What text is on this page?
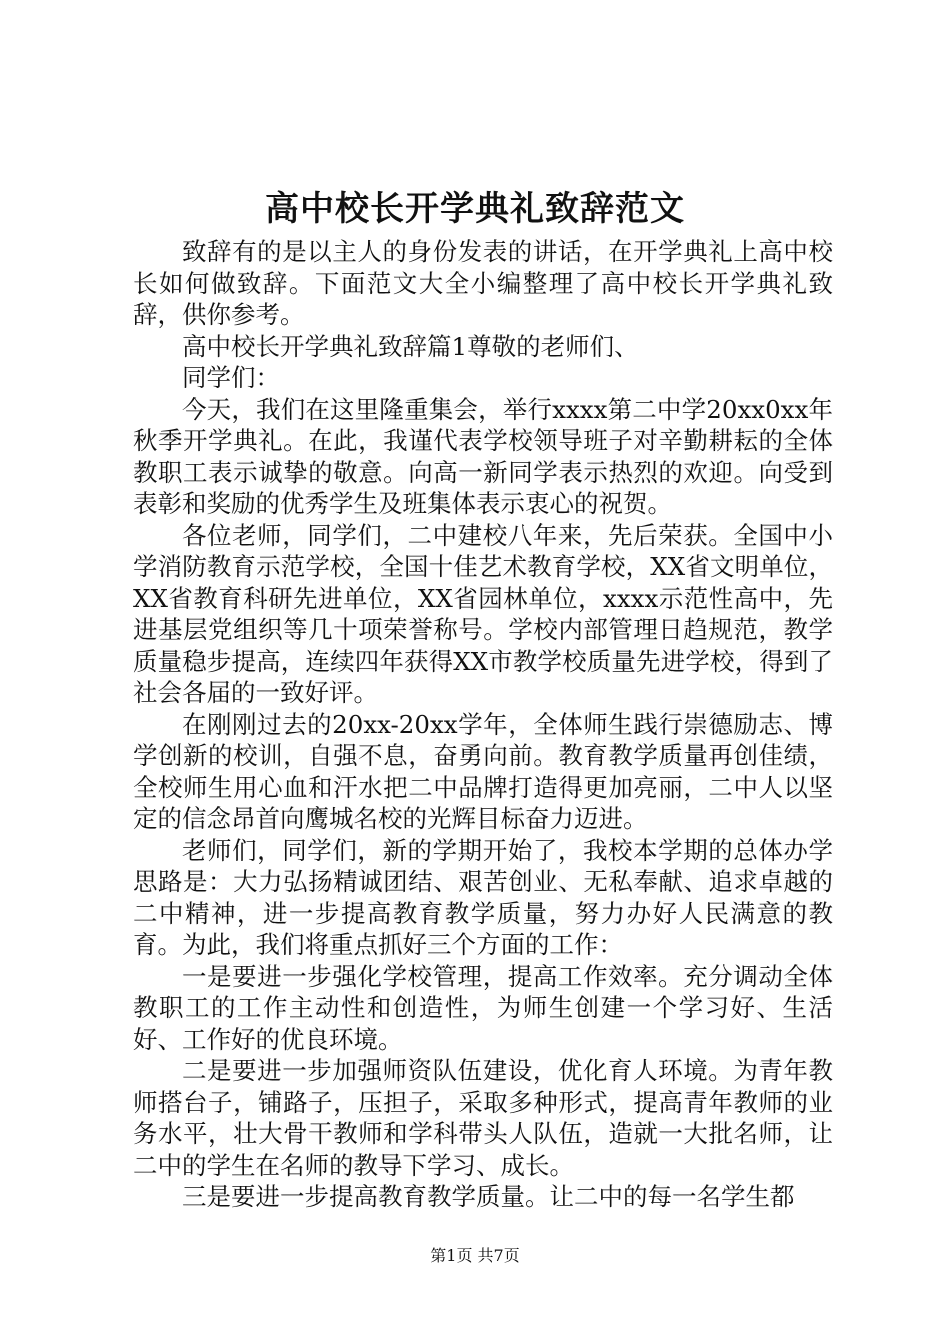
高中校长开学典礼致辞范文

致辞有的是以主人的身份发表的讲话，在开学典礼上高中校长如何做致辞。下面范文大全小编整理了高中校长开学典礼致辞，供你参考。

高中校长开学典礼致辞篇1尊敬的老师们、

同学们：

今天，我们在这里隆重集会，举行xxxx第二中学20xx0xx年秋季开学典礼。在此，我谨代表学校领导班子对辛勤耕耘的全体教职工表示诚挚的敬意。向高一新同学表示热烈的欢迎。向受到表彰和奖励的优秀学生及班集体表示衷心的祝贺。

各位老师，同学们，二中建校八年来，先后荣获。全国中小学消防教育示范学校，全国十佳艺术教育学校，XX省文明单位，XX省教育科研先进单位，XX省园林单位，xxxx示范性高中，先进基层党组织等几十项荣誉称号。学校内部管理日趋规范，教学质量稳步提高，连续四年获得XX市教学校质量先进学校，得到了社会各届的一致好评。

在刚刚过去的20xx-20xx学年，全体师生践行崇德励志、博学创新的校训，自强不息，奋勇向前。教育教学质量再创佳绩，全校师生用心血和汗水把二中品牌打造得更加亮丽，二中人以坚定的信念昂首向鹰城名校的光辉目标奋力迈进。

老师们，同学们，新的学期开始了，我校本学期的总体办学思路是：大力弘扬精诚团结、艰苦创业、无私奉献、追求卓越的二中精神，进一步提高教育教学质量，努力办好人民满意的教育。为此，我们将重点抓好三个方面的工作：

一是要进一步强化学校管理，提高工作效率。充分调动全体教职工的工作主动性和创造性，为师生创建一个学习好、生活好、工作好的优良环境。

二是要进一步加强师资队伍建设，优化育人环境。为青年教师搭台子，铺路子，压担子，采取多种形式，提高青年教师的业务水平，壮大骨干教师和学科带头人队伍，造就一大批名师，让二中的学生在名师的教导下学习、成长。

三是要进一步提高教育教学质量。让二中的每一名学生都

第1页 共7页
